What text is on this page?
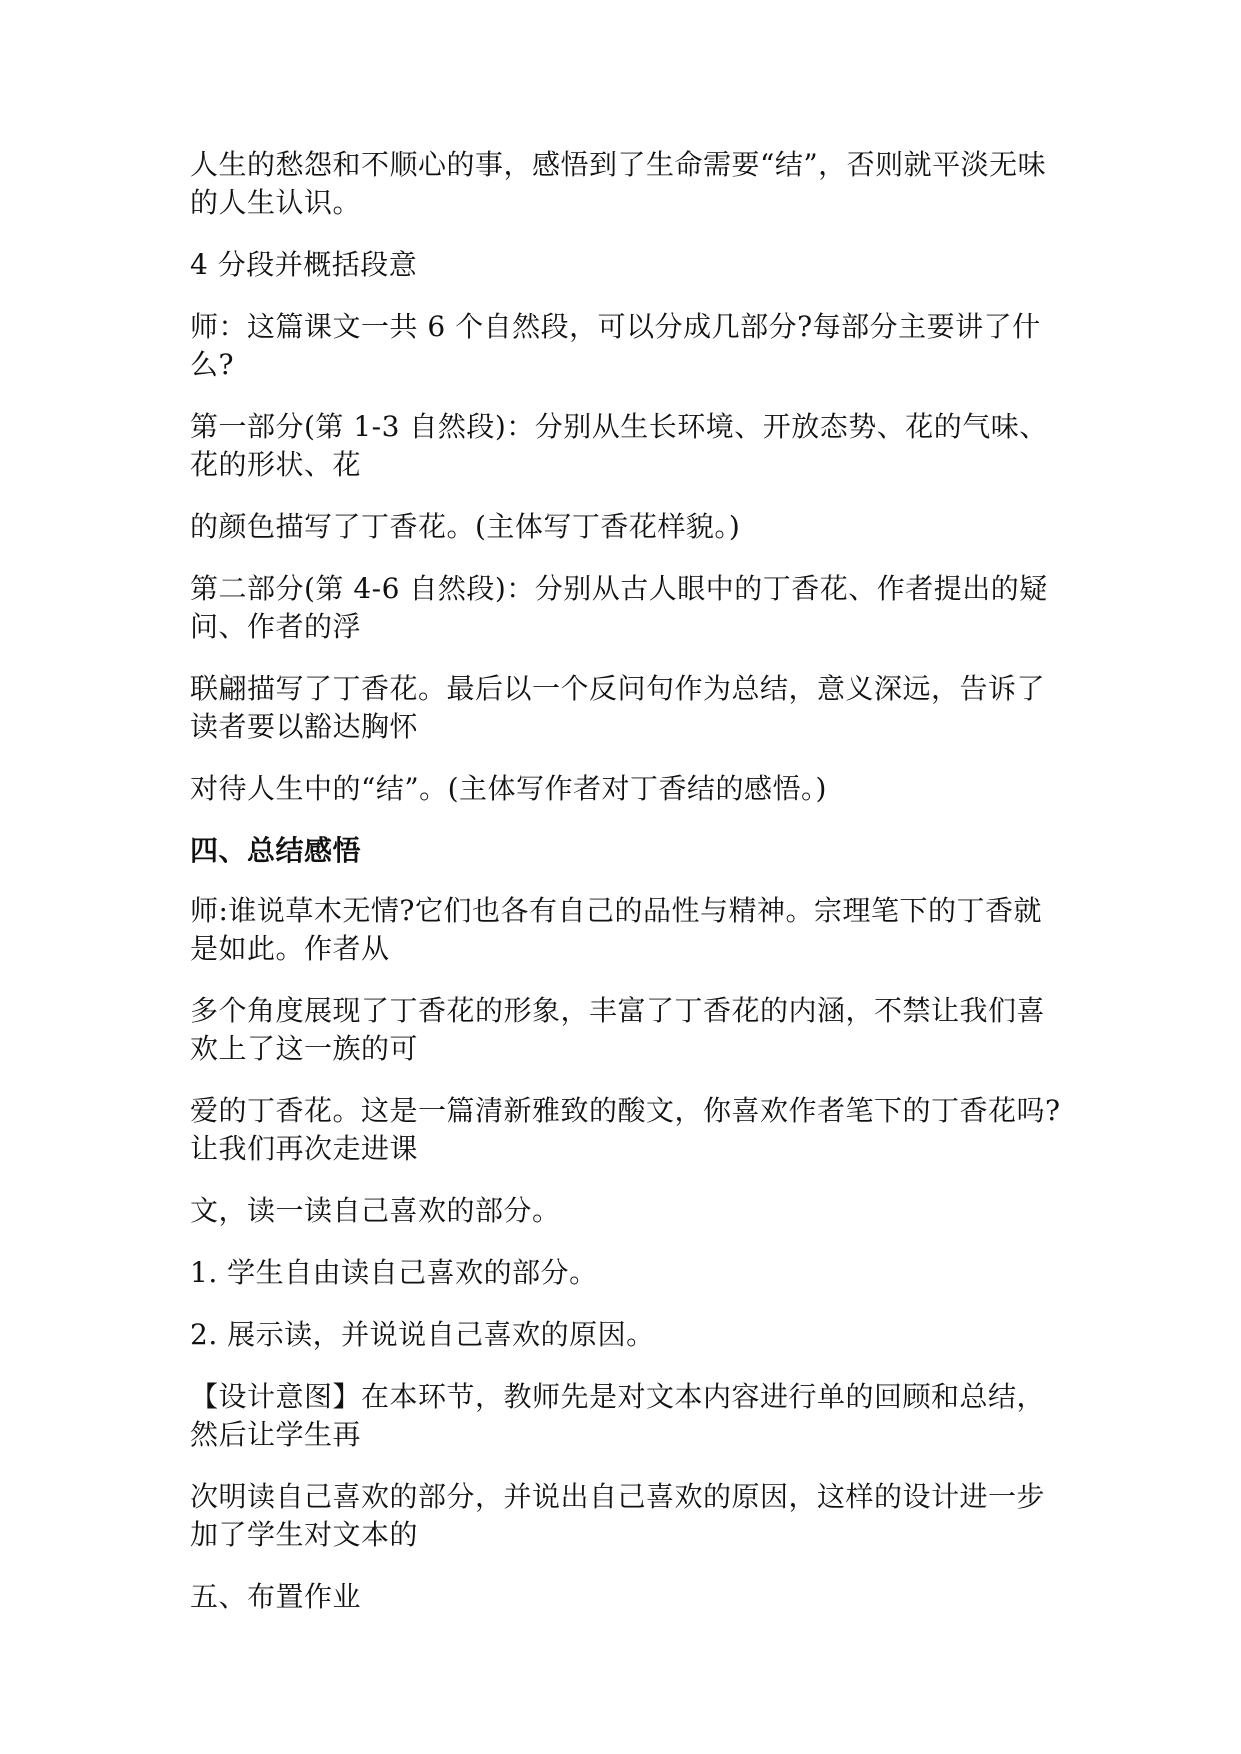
人生的愁怨和不顺心的事，感悟到了生命需要“结”，否则就平淡无味的人生认识。

4 分段并概括段意

师：这篇课文一共 6 个自然段，可以分成几部分?每部分主要讲了什么?

第一部分(第 1-3 自然段)：分别从生长环境、开放态势、花的气味、花的形状、花

的颜色描写了丁香花。(主体写丁香花样貌。)

第二部分(第 4-6 自然段)：分别从古人眼中的丁香花、作者提出的疑问、作者的浮

联翩描写了丁香花。最后以一个反问句作为总结，意义深远，告诉了读者要以豁达胸怀

对待人生中的“结”。(主体写作者对丁香结的感悟。)

四、总结感悟

师:谁说草木无情?它们也各有自己的品性与精神。宗理笔下的丁香就是如此。作者从

多个角度展现了丁香花的形象，丰富了丁香花的内涵，不禁让我们喜欢上了这一族的可

爱的丁香花。这是一篇清新雅致的酸文，你喜欢作者笔下的丁香花吗?让我们再次走进课

文，读一读自己喜欢的部分。

1. 学生自由读自己喜欢的部分。

2. 展示读，并说说自己喜欢的原因。

【设计意图】在本环节，教师先是对文本内容进行单的回顾和总结，然后让学生再

次明读自己喜欢的部分，并说出自己喜欢的原因，这样的设计进一步加了学生对文本的

五、布置作业
